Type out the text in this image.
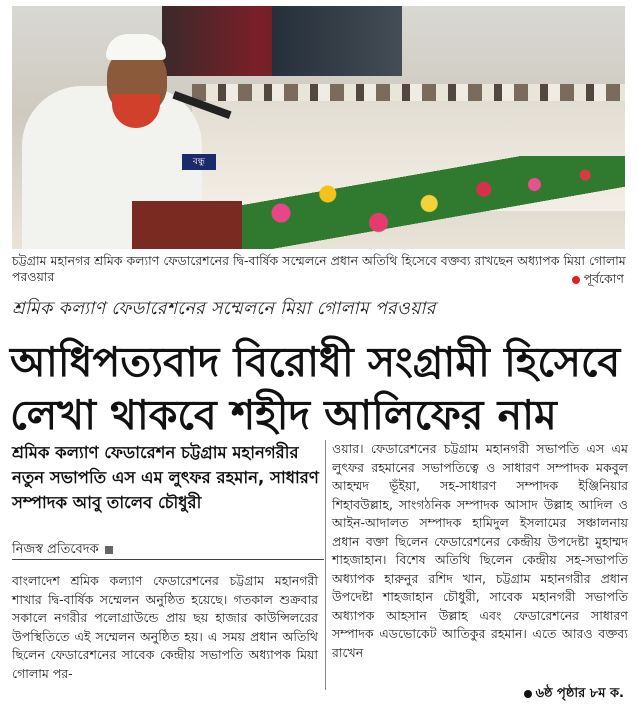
বন্ধু
চট্টগ্রাম মহানগর শ্রমিক কল্যাণ ফেডারেশনের দ্বি-বার্ষিক সম্মেলনে প্রধান অতিথি হিসেবে বক্তব্য রাখছেন অধ্যাপক মিয়া গোলাম পরওয়ার	পূর্বকোণ
শ্রমিক কল্যাণ ফেডারেশনের সম্মেলনে মিয়া গোলাম পরওয়ার
আধিপত্যবাদ বিরোধী সংগ্রামী হিসেবে
লেখা থাকবে শহীদ আলিফের নাম
শ্রমিক কল্যাণ ফেডারেশন চট্টগ্রাম মহানগরীর নতুন সভাপতি এস এম লুৎফর রহমান, সাধারণ সম্পাদক আবু তালেব চৌধুরী
নিজস্ব প্রতিবেদক
বাংলাদেশ শ্রমিক কল্যাণ ফেডারেশনের চট্টগ্রাম মহানগরী শাখার দ্বি-বার্ষিক সম্মেলন অনুষ্ঠিত হয়েছে। গতকাল শুক্রবার সকালে নগরীর পলোগ্রাউন্ডে প্রায় ছয় হাজার কাউন্সিলরের উপস্থিতিতে এই সম্মেলন অনুষ্ঠিত হয়। এ সময় প্রধান অতিথি ছিলেন ফেডারেশনের সাবেক কেন্দ্রীয় সভাপতি অধ্যাপক মিয়া গোলাম পর-
ওয়ার। ফেডারেশনের চট্টগ্রাম মহানগরী সভাপতি এস এম লুৎফর রহমানের সভাপতিত্বে ও সাধারণ সম্পাদক মকবুল আহম্মদ ভূঁইয়া, সহ-সাধারণ সম্পাদক ইঞ্জিনিয়ার শিহাবউল্লাহ, সাংগঠনিক সম্পাদক আসাদ উল্লাহ আদিল ও আইন-আদালত সম্পাদক হামিদুল ইসলামের সঞ্চালনায় প্রধান বক্তা ছিলেন ফেডারেশনের কেন্দ্রীয় উপদেষ্টা মুহাম্মদ শাহজাহান। বিশেষ অতিথি ছিলেন কেন্দ্রীয় সহ-সভাপতি অধ্যাপক হারুনুর রশিদ খান, চট্টগ্রাম মহানগরীর প্রধান উপদেষ্টা শাহজাহান চৌধুরী, সাবেক মহানগরী সভাপতি অধ্যাপক আহসান উল্লাহ এবং ফেডারেশনের সাধারণ সম্পাদক এডভোকেট আতিকুর রহমান। এতে আরও বক্তব্য রাখেন
৬ষ্ঠ পৃষ্ঠার ৮ম ক.
